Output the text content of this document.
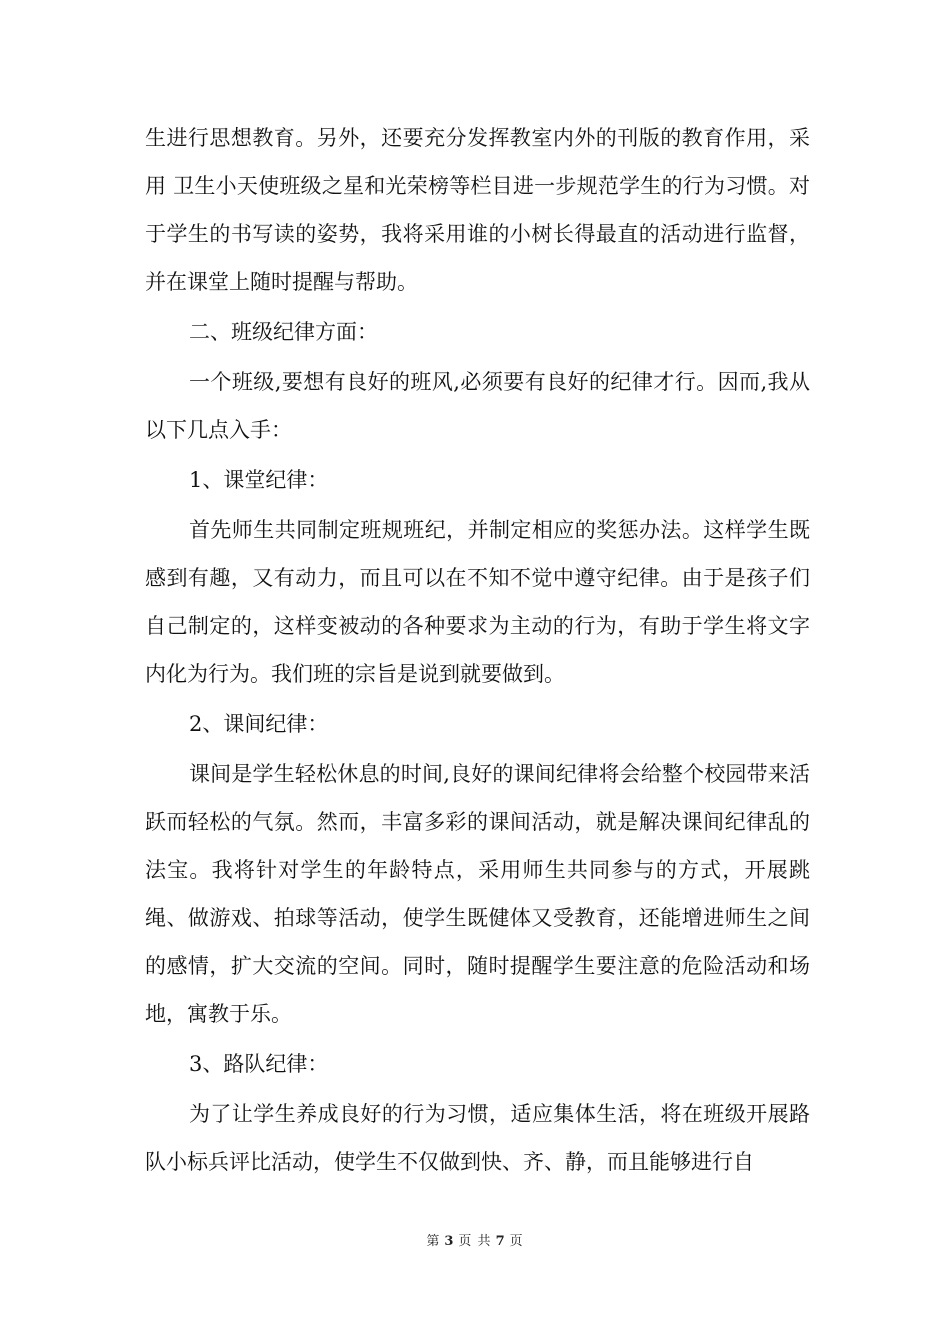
生进行思想教育。另外，还要充分发挥教室内外的刊版的教育作用，采用 卫生小天使班级之星和光荣榜等栏目进一步规范学生的行为习惯。对于学生的书写读的姿势，我将采用谁的小树长得最直的活动进行监督，并在课堂上随时提醒与帮助。

二、班级纪律方面：

一个班级,要想有良好的班风,必须要有良好的纪律才行。因而,我从以下几点入手：

1、课堂纪律：

首先师生共同制定班规班纪，并制定相应的奖惩办法。这样学生既感到有趣，又有动力，而且可以在不知不觉中遵守纪律。由于是孩子们自己制定的，这样变被动的各种要求为主动的行为，有助于学生将文字内化为行为。我们班的宗旨是说到就要做到。

2、课间纪律：

课间是学生轻松休息的时间,良好的课间纪律将会给整个校园带来活跃而轻松的气氛。然而，丰富多彩的课间活动，就是解决课间纪律乱的法宝。我将针对学生的年龄特点，采用师生共同参与的方式，开展跳绳、做游戏、拍球等活动，使学生既健体又受教育，还能增进师生之间的感情，扩大交流的空间。同时，随时提醒学生要注意的危险活动和场地，寓教于乐。

3、路队纪律：

为了让学生养成良好的行为习惯，适应集体生活，将在班级开展路队小标兵评比活动，使学生不仅做到快、齐、静，而且能够进行自

第 3 页 共 7 页
